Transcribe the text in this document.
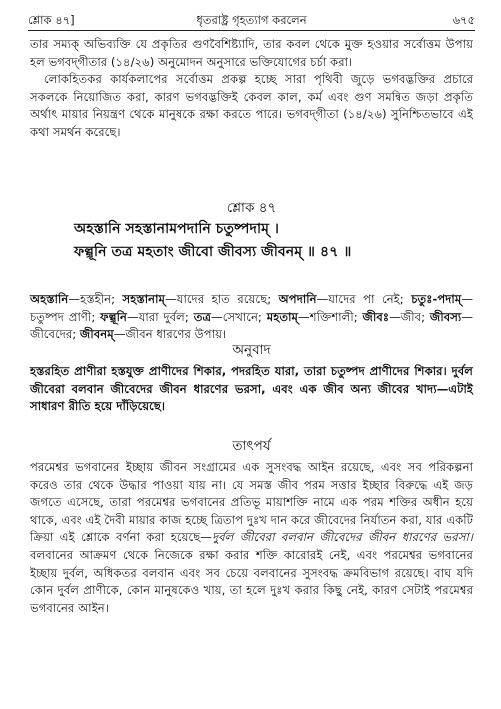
শ্লোক ৪৭]	ধৃতরাষ্ট্র গৃহত্যাগ করলেন	৬৭৫

তার সম্যক্ অভিব্যক্তি যে প্রকৃতির গুণবৈশিষ্ট্যাদি, তার কবল থেকে মুক্ত হওয়ার সর্বোত্তম উপায় হল ভগবদ্‌গীতার (১৪/২৬) অনুমোদন অনুসারে ভক্তিযোগের চর্চা করা।

লোকহিতকর কার্যকলাপের সর্বোত্তম প্রকল্প হচ্ছে সারা পৃথিবী জুড়ে ভগবদ্ভক্তির প্রচারে সকলকে নিয়োজিত করা, কারণ ভগবদ্ভক্তিই কেবল কাল, কর্ম এবং গুণ সমন্বিত জড়া প্রকৃতি অর্থাৎ মায়ার নিয়ন্ত্রণ থেকে মানুষকে রক্ষা করতে পারে। ভগবদ্‌গীতা (১৪/২৬) সুনিশ্চিতভাবে এই কথা সমর্থন করেছে।

শ্লোক ৪৭
অহস্তানি সহস্তানামপদানি চতুষ্পদাম্ ।
ফল্গূনি তত্র মহতাং জীবো জীবস্য জীবনম্ ॥ ৪৭ ॥

অহস্তানি—হস্তহীন; সহস্তানাম্—যাদের হাত রয়েছে; অপদানি—যাদের পা নেই; চতুঃ-পদাম্—চতুষ্পদ প্রাণী; ফল্গূনি—যারা দুর্বল; তত্র—সেখানে; মহতাম্—শক্তিশালী; জীবঃ—জীব; জীবস্য—জীবেদের; জীবনম্—জীবন ধারণের উপায়।

অনুবাদ

হস্তরহিত প্রাণীরা হস্তযুক্ত প্রাণীদের শিকার, পদরহিত যারা, তারা চতুষ্পদ প্রাণীদের শিকার। দুর্বল জীবেরা বলবান জীবেদের জীবন ধারণের ভরসা, এবং এক জীব অন্য জীবের খাদ্য—এটাই সাধারণ রীতি হয়ে দাঁড়িয়েছে।

তাৎপর্য

পরমেশ্বর ভগবানের ইচ্ছায় জীবন সংগ্রামের এক সুসংবদ্ধ আইন রয়েছে, এবং সব পরিকল্পনা করেও তার থেকে উদ্ধার পাওয়া যায় না। যে সমস্ত জীব পরম সত্তার ইচ্ছার বিরুদ্ধে এই জড় জগতে এসেছে, তারা পরমেশ্বর ভগবানের প্রতিভূ মায়াশক্তি নামে এক পরম শক্তির অধীন হয়ে থাকে, এবং এই দৈবী মায়ার কাজ হচ্ছে ত্রিতাপ দুঃখ দান করে জীবেদের নির্যাতন করা, যার একটি ক্রিয়া এই শ্লোকে বর্ণনা করা হয়েছে—দুর্বল জীবেরা বলবান জীবেদের জীবন ধারণের ভরসা। বলবানের আক্রমণ থেকে নিজেকে রক্ষা করার শক্তি কারোরই নেই, এবং পরমেশ্বর ভগবানের ইচ্ছায় দুর্বল, অধিকতর বলবান এবং সব চেয়ে বলবানের সুসংবদ্ধ ক্রমবিভাগ রয়েছে। বাঘ যদি কোন দুর্বল প্রাণীকে, কোন মানুষকেও খায়, তা হলে দুঃখ করার কিছু নেই, কারণ সেটাই পরমেশ্বর ভগবানের আইন।
